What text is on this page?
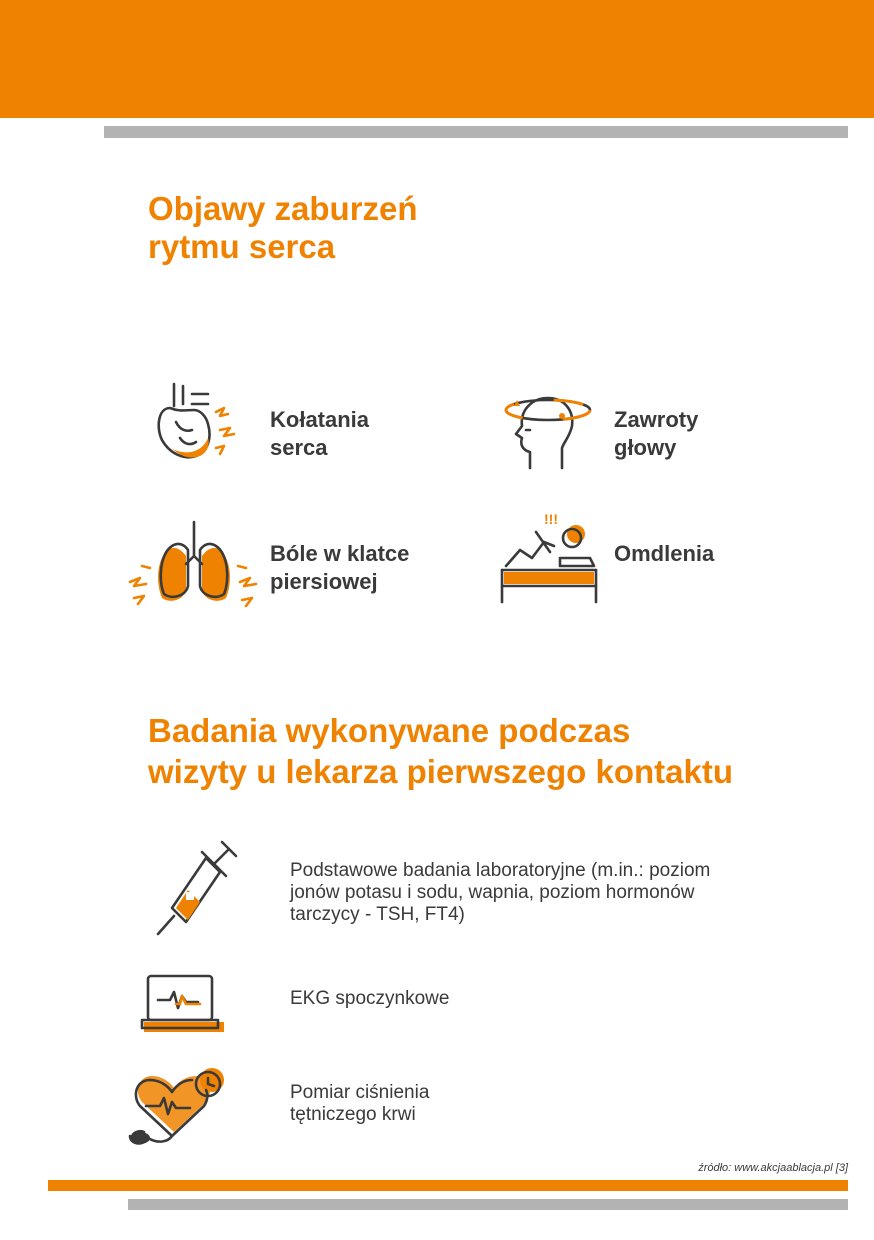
Objawy zaburzeń
rytmu serca
Kołatania
serca
Zawroty
głowy
Bóle w klatce
piersiowej
!!!
Omdlenia
Badania wykonywane podczas
wizyty u lekarza pierwszego kontaktu
Podstawowe badania laboratoryjne (m.in.: poziom
jonów potasu i sodu, wapnia, poziom hormonów
tarczycy - TSH, FT4)
EKG spoczynkowe
Pomiar ciśnienia
tętniczego krwi
źródło: www.akcjaablacja.pl [3]
